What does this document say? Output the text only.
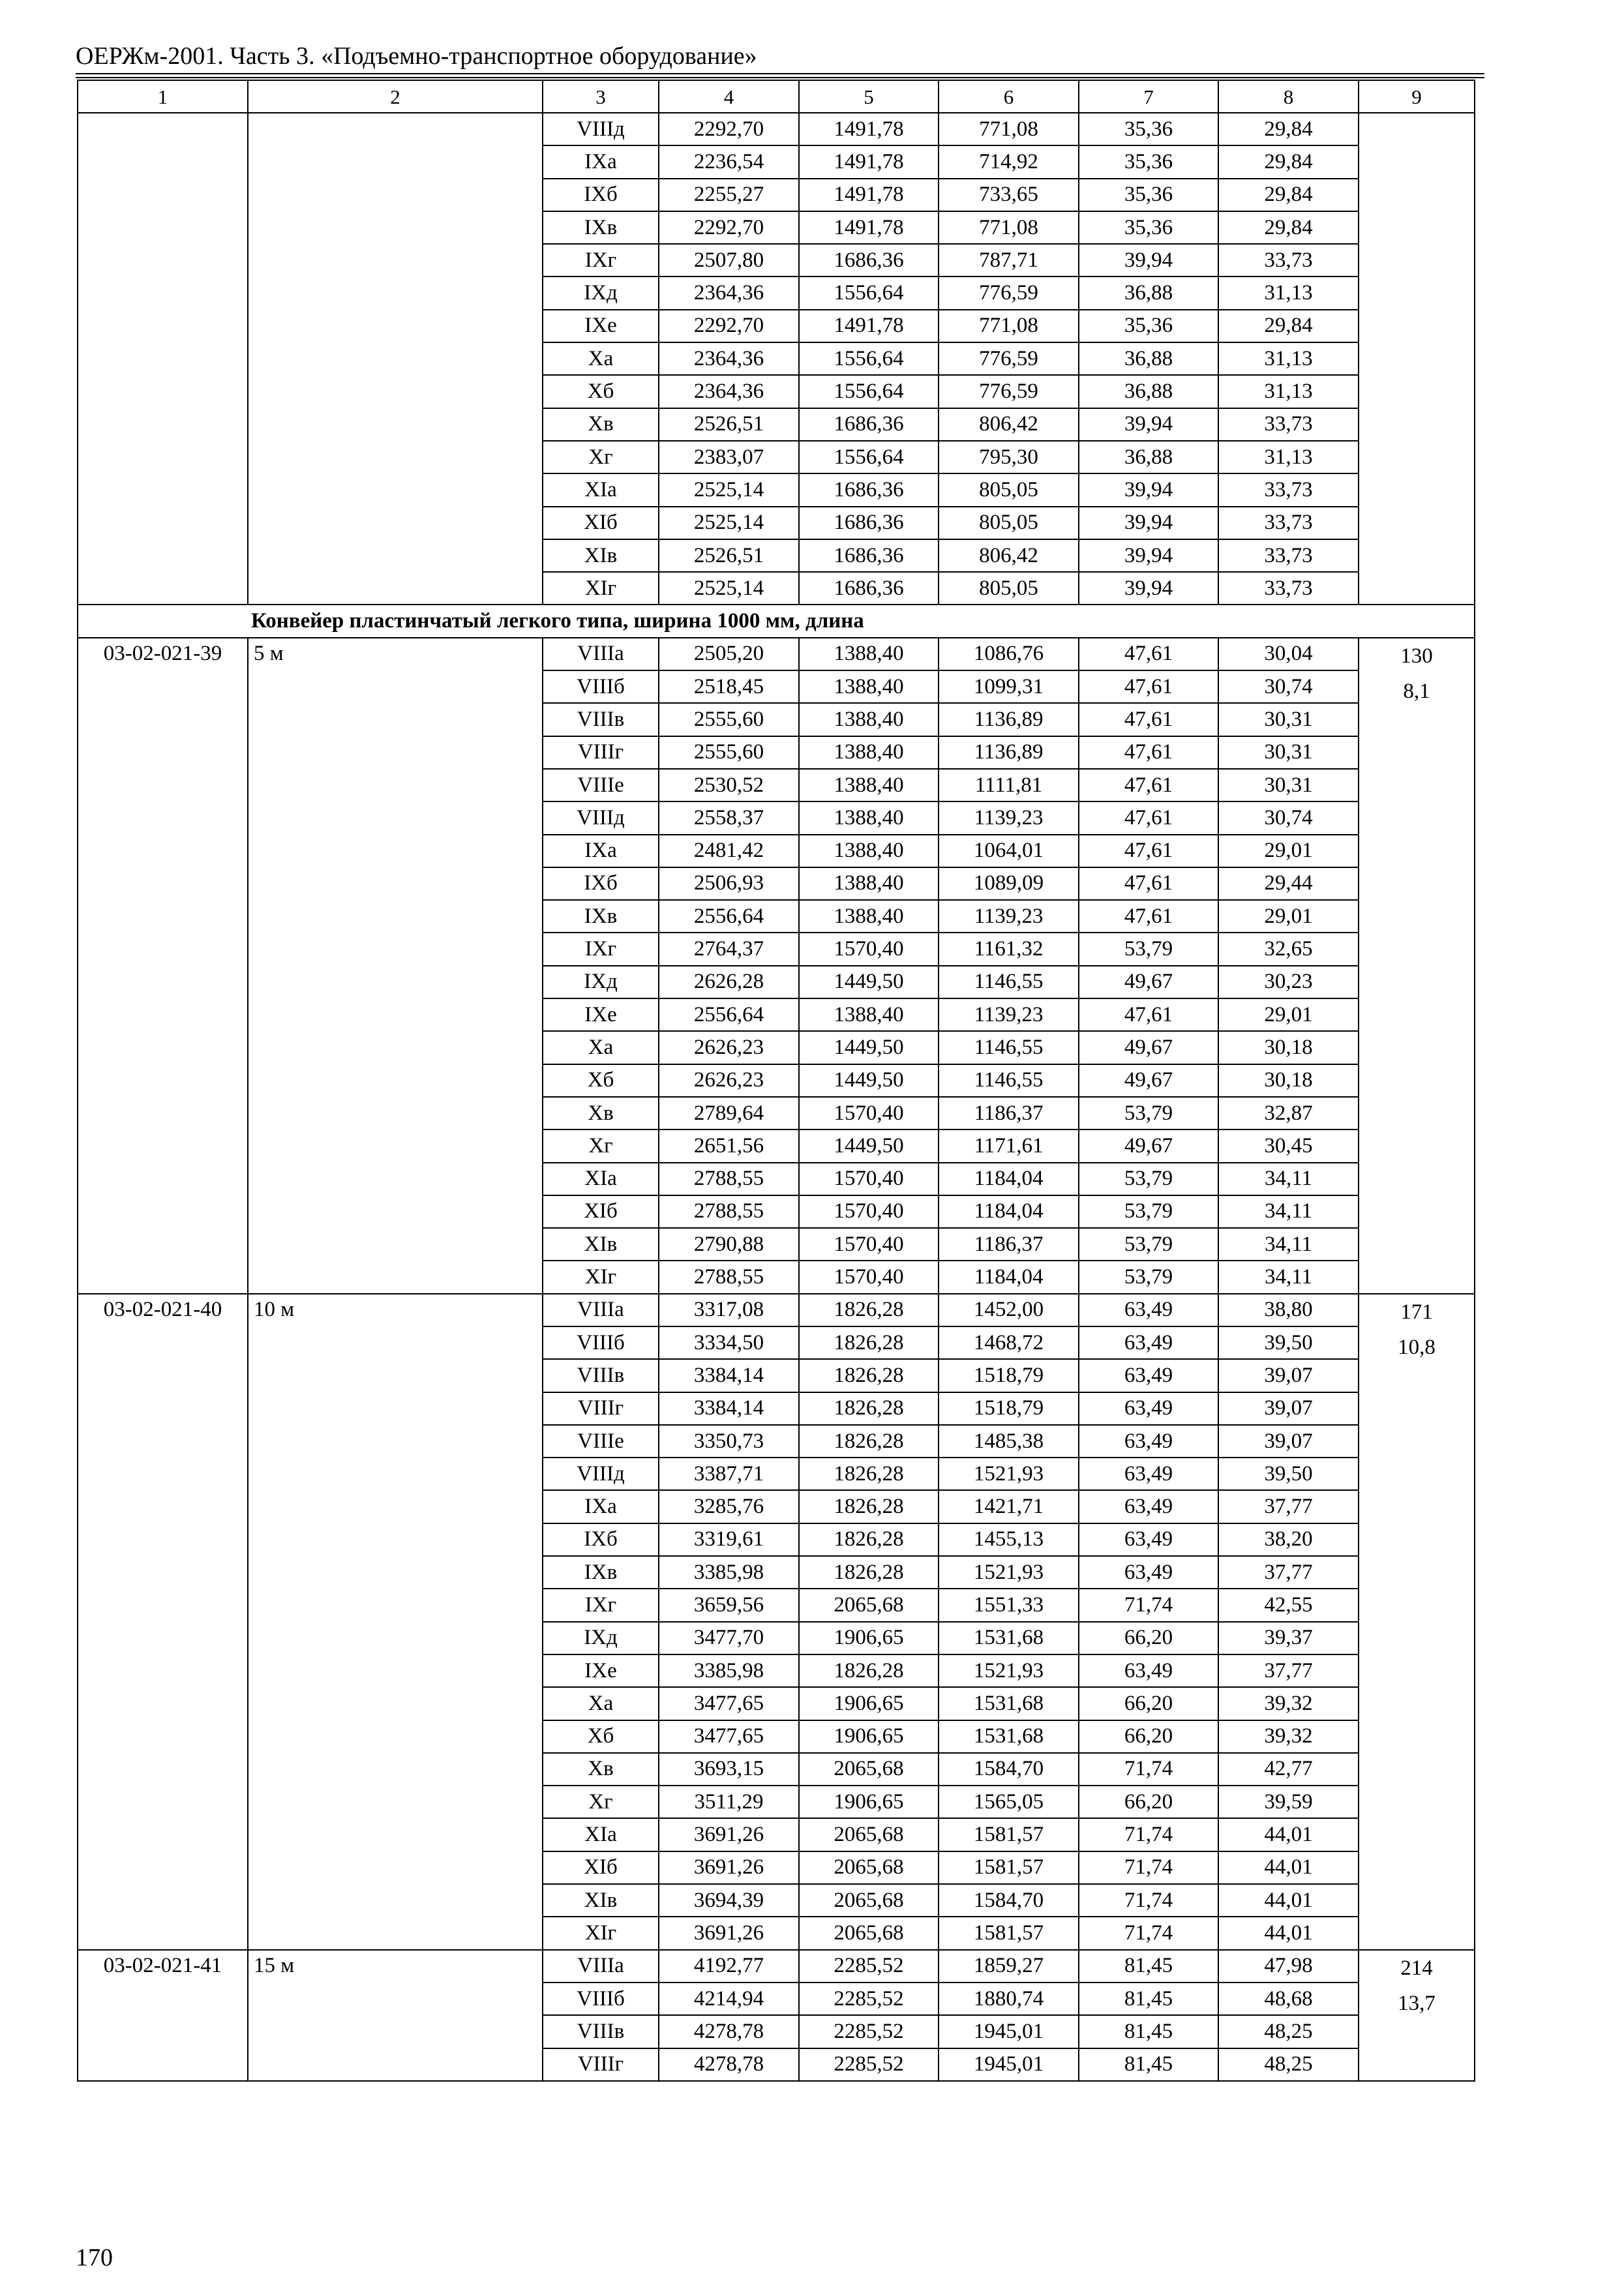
ОЕРЖм-2001. Часть 3. «Подъемно-транспортное оборудование»
1	2	3	4	5	6	7	8	9
		VIIIд	2292,70	1491,78	771,08	35,36	29,84	
		IXа	2236,54	1491,78	714,92	35,36	29,84	
		IXб	2255,27	1491,78	733,65	35,36	29,84	
		IXв	2292,70	1491,78	771,08	35,36	29,84	
		IXг	2507,80	1686,36	787,71	39,94	33,73	
		IXд	2364,36	1556,64	776,59	36,88	31,13	
		IXе	2292,70	1491,78	771,08	35,36	29,84	
		Xа	2364,36	1556,64	776,59	36,88	31,13	
		Xб	2364,36	1556,64	776,59	36,88	31,13	
		Xв	2526,51	1686,36	806,42	39,94	33,73	
		Xг	2383,07	1556,64	795,30	36,88	31,13	
		XIа	2525,14	1686,36	805,05	39,94	33,73	
		XIб	2525,14	1686,36	805,05	39,94	33,73	
		XIв	2526,51	1686,36	806,42	39,94	33,73	
		XIг	2525,14	1686,36	805,05	39,94	33,73	
Конвейер пластинчатый легкого типа, ширина 1000 мм, длина								
03-02-021-39	5 м	VIIIа	2505,20	1388,40	1086,76	47,61	30,04	130
8,1

		VIIIб	2518,45	1388,40	1099,31	47,61	30,74	
		VIIIв	2555,60	1388,40	1136,89	47,61	30,31	
		VIIIг	2555,60	1388,40	1136,89	47,61	30,31	
		VIIIе	2530,52	1388,40	1111,81	47,61	30,31	
		VIIIд	2558,37	1388,40	1139,23	47,61	30,74	
		IXа	2481,42	1388,40	1064,01	47,61	29,01	
		IXб	2506,93	1388,40	1089,09	47,61	29,44	
		IXв	2556,64	1388,40	1139,23	47,61	29,01	
		IXг	2764,37	1570,40	1161,32	53,79	32,65	
		IXд	2626,28	1449,50	1146,55	49,67	30,23	
		IXе	2556,64	1388,40	1139,23	47,61	29,01	
		Xа	2626,23	1449,50	1146,55	49,67	30,18	
		Xб	2626,23	1449,50	1146,55	49,67	30,18	
		Xв	2789,64	1570,40	1186,37	53,79	32,87	
		Xг	2651,56	1449,50	1171,61	49,67	30,45	
		XIа	2788,55	1570,40	1184,04	53,79	34,11	
		XIб	2788,55	1570,40	1184,04	53,79	34,11	
		XIв	2790,88	1570,40	1186,37	53,79	34,11	
		XIг	2788,55	1570,40	1184,04	53,79	34,11	
03-02-021-40	10 м	VIIIа	3317,08	1826,28	1452,00	63,49	38,80	171
10,8

		VIIIб	3334,50	1826,28	1468,72	63,49	39,50	
		VIIIв	3384,14	1826,28	1518,79	63,49	39,07	
		VIIIг	3384,14	1826,28	1518,79	63,49	39,07	
		VIIIе	3350,73	1826,28	1485,38	63,49	39,07	
		VIIIд	3387,71	1826,28	1521,93	63,49	39,50	
		IXа	3285,76	1826,28	1421,71	63,49	37,77	
		IXб	3319,61	1826,28	1455,13	63,49	38,20	
		IXв	3385,98	1826,28	1521,93	63,49	37,77	
		IXг	3659,56	2065,68	1551,33	71,74	42,55	
		IXд	3477,70	1906,65	1531,68	66,20	39,37	
		IXе	3385,98	1826,28	1521,93	63,49	37,77	
		Xа	3477,65	1906,65	1531,68	66,20	39,32	
		Xб	3477,65	1906,65	1531,68	66,20	39,32	
		Xв	3693,15	2065,68	1584,70	71,74	42,77	
		Xг	3511,29	1906,65	1565,05	66,20	39,59	
		XIа	3691,26	2065,68	1581,57	71,74	44,01	
		XIб	3691,26	2065,68	1581,57	71,74	44,01	
		XIв	3694,39	2065,68	1584,70	71,74	44,01	
		XIг	3691,26	2065,68	1581,57	71,74	44,01	
03-02-021-41	15 м	VIIIа	4192,77	2285,52	1859,27	81,45	47,98	214
13,7

		VIIIб	4214,94	2285,52	1880,74	81,45	48,68	
		VIIIв	4278,78	2285,52	1945,01	81,45	48,25	
		VIIIг	4278,78	2285,52	1945,01	81,45	48,25	
170
